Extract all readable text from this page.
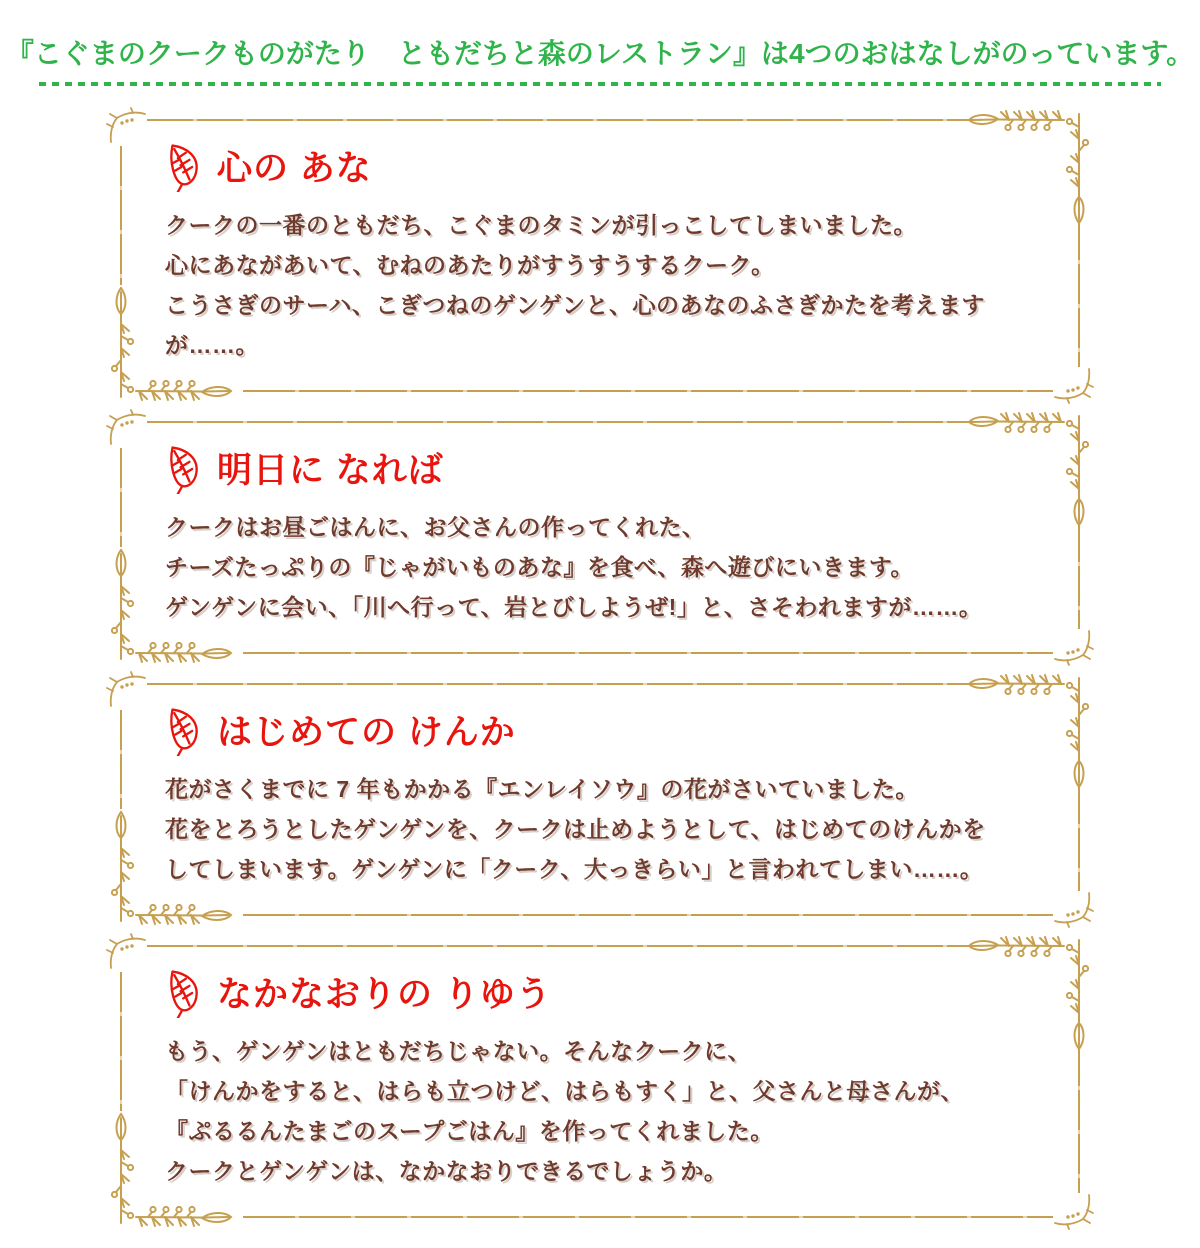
『こぐまのクークものがたり　ともだちと森のレストラン』は4つのおはなしがのっています。
心の あな

クークの一番のともだち、こぐまのタミンが引っこしてしまいました。

心にあながあいて、むねのあたりがすうすうするクーク。

こうさぎのサーハ、こぎつねのゲンゲンと、心のあなのふさぎかたを考えますが……。

明日に なれば

クークはお昼ごはんに、お父さんの作ってくれた、

チーズたっぷりの『じゃがいものあな』を食べ、森へ遊びにいきます。

ゲンゲンに会い、「川へ行って、岩とびしようぜ!」と、さそわれますが……。

はじめての けんか

花がさくまでに 7 年もかかる『エンレイソウ』の花がさいていました。

花をとろうとしたゲンゲンを、クークは止めようとして、はじめてのけんかを

してしまいます。ゲンゲンに「クーク、大っきらい」と言われてしまい……。

なかなおりの りゆう

もう、ゲンゲンはともだちじゃない。そんなクークに、

「けんかをすると、はらも立つけど、はらもすく」と、父さんと母さんが、

『ぷるるんたまごのスープごはん』を作ってくれました。

クークとゲンゲンは、なかなおりできるでしょうか。
